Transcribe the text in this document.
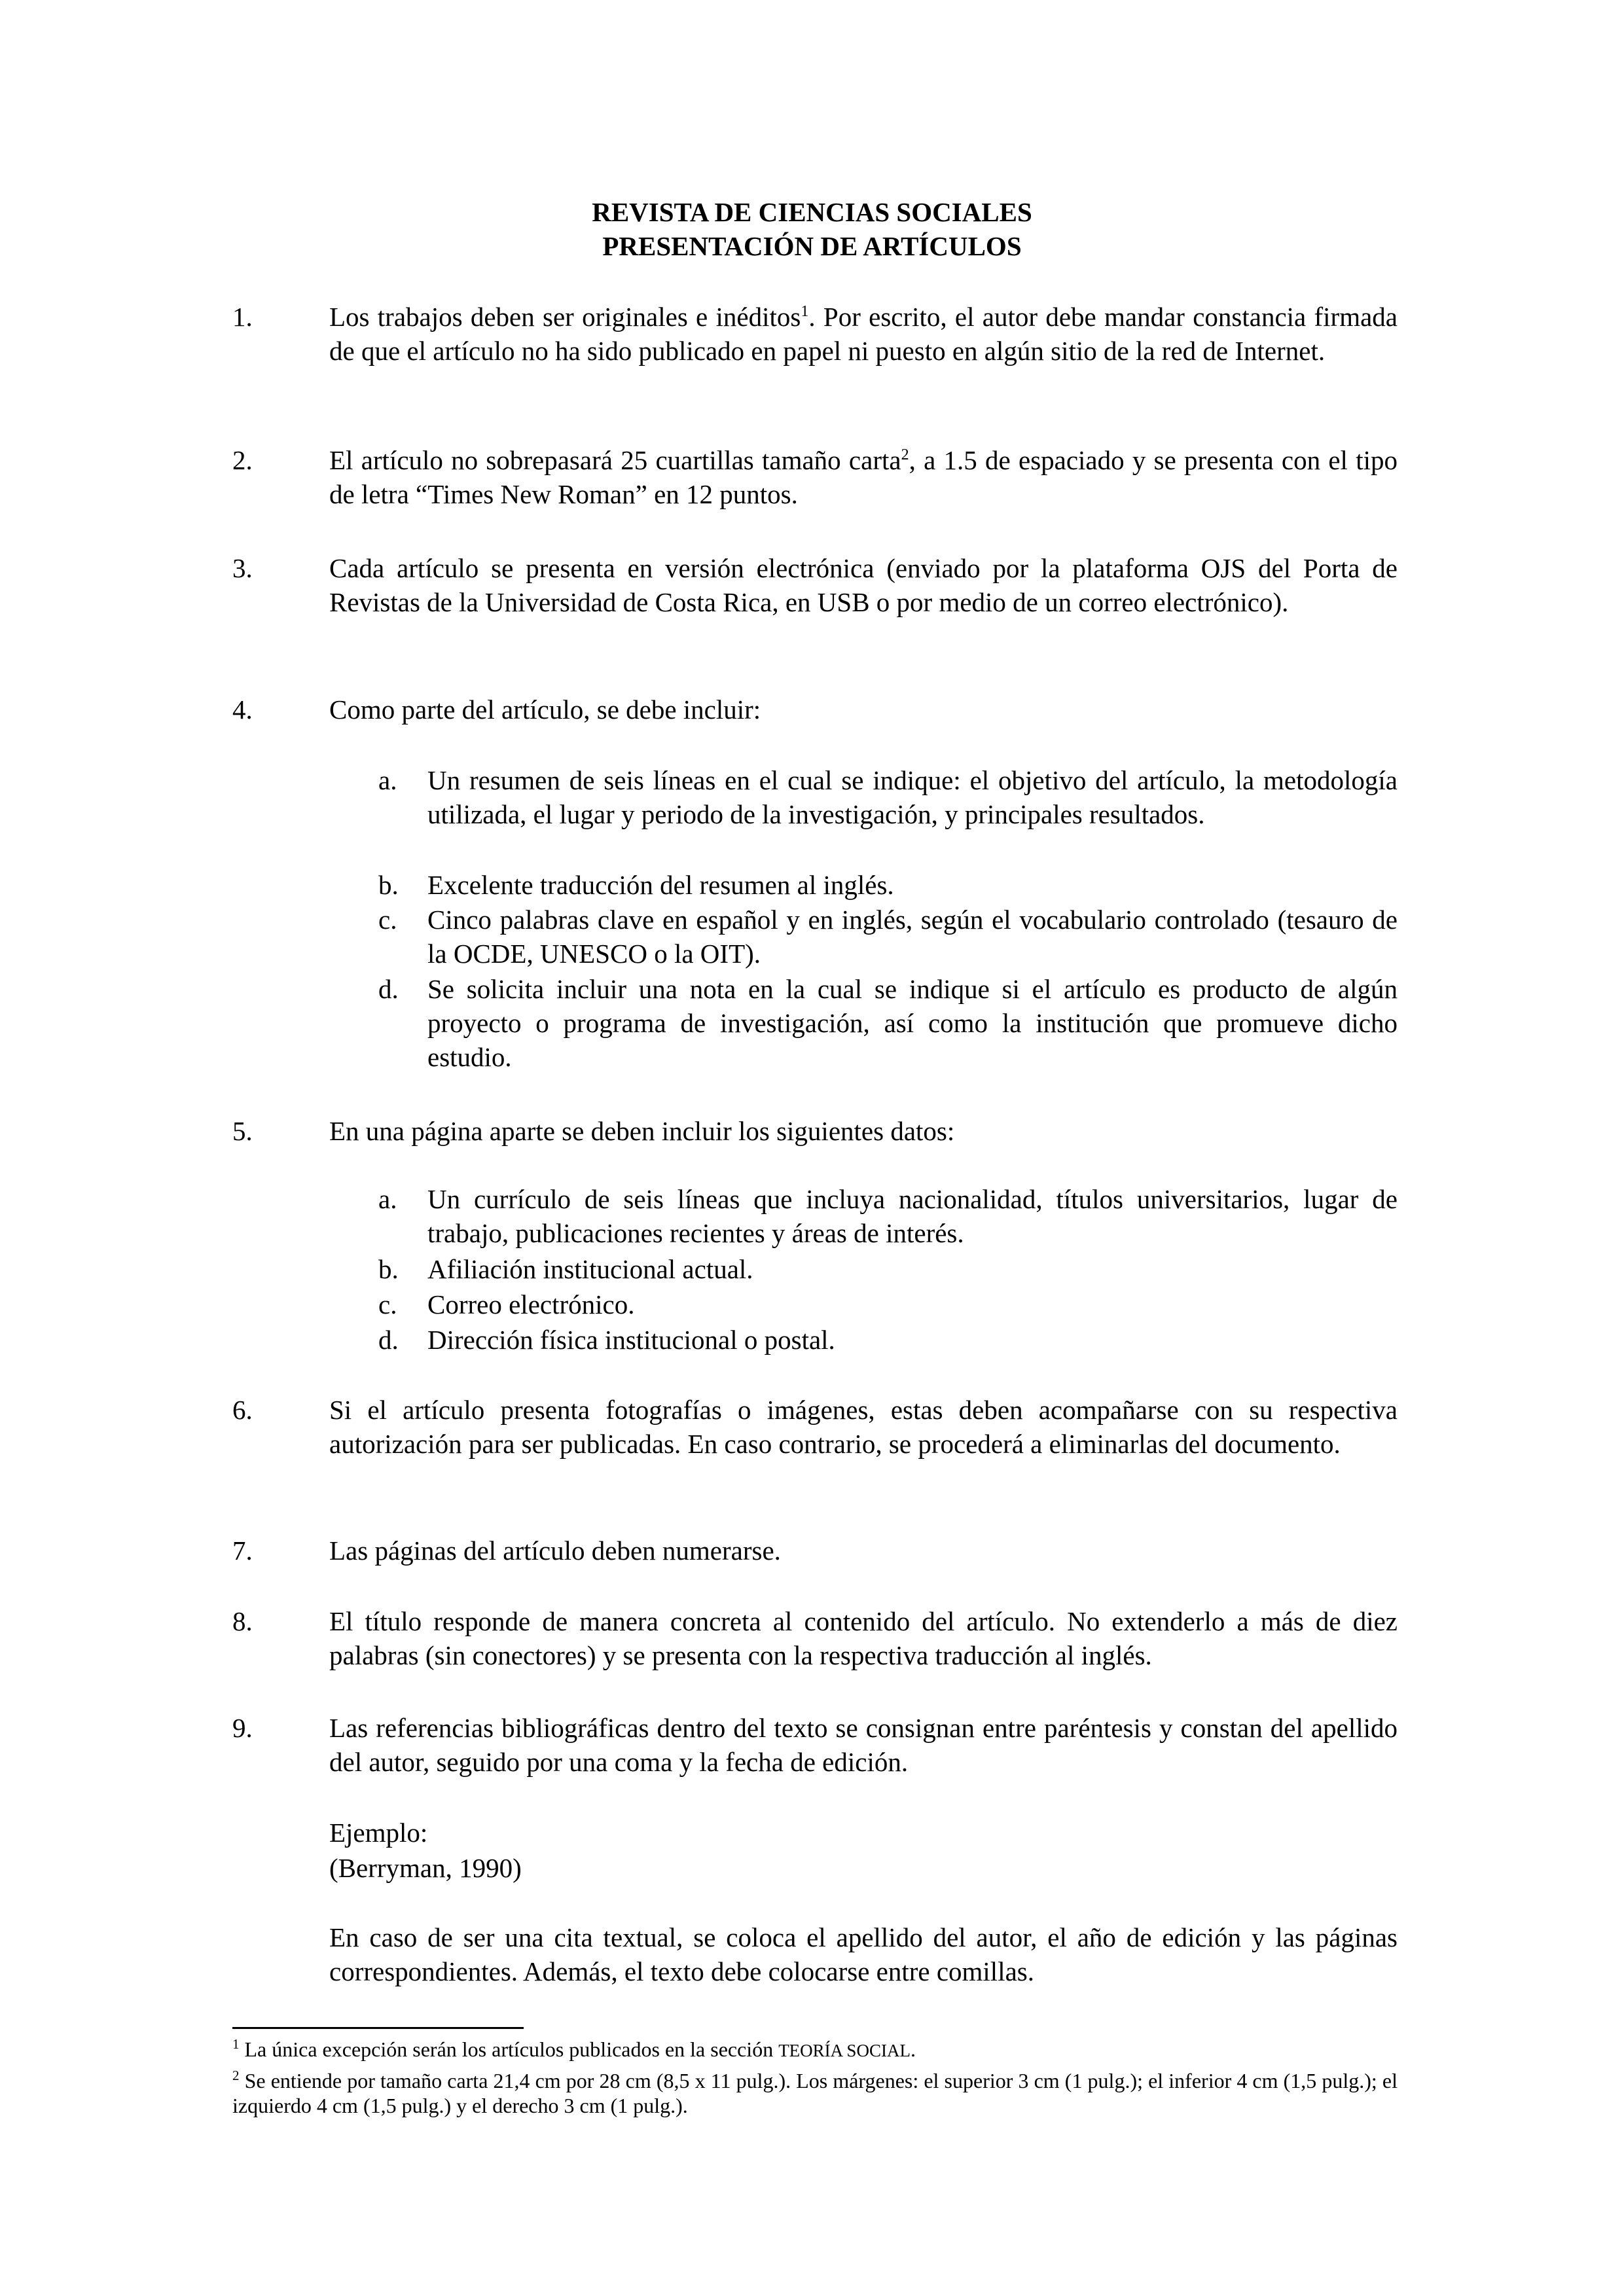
REVISTA DE CIENCIAS SOCIALES
PRESENTACIÓN DE ARTÍCULOS
1.	Los trabajos deben ser originales e inéditos$^1$. Por escrito, el autor debe mandar constancia firmada de que el artículo no ha sido publicado en papel ni puesto en algún sitio de la red de Internet.
2.	El artículo no sobrepasará 25 cuartillas tamaño carta$^2$, a 1.5 de espaciado y se presenta con el tipo de letra “Times New Roman” en 12 puntos.
3.	Cada artículo se presenta en versión electrónica (enviado por la plataforma OJS del Porta de Revistas de la Universidad de Costa Rica, en USB o por medio de un correo electrónico).
4.	Como parte del artículo, se debe incluir:
a. Un resumen de seis líneas en el cual se indique: el objetivo del artículo, la metodología utilizada, el lugar y periodo de la investigación, y principales resultados.
b. Excelente traducción del resumen al inglés.
c. Cinco palabras clave en español y en inglés, según el vocabulario controlado (tesauro de la OCDE, UNESCO o la OIT).
d. Se solicita incluir una nota en la cual se indique si el artículo es producto de algún proyecto o programa de investigación, así como la institución que promueve dicho estudio.
5.	En una página aparte se deben incluir los siguientes datos:
a. Un currículo de seis líneas que incluya nacionalidad, títulos universitarios, lugar de trabajo, publicaciones recientes y áreas de interés.
b. Afiliación institucional actual.
c. Correo electrónico.
d. Dirección física institucional o postal.
6.	Si el artículo presenta fotografías o imágenes, estas deben acompañarse con su respectiva autorización para ser publicadas. En caso contrario, se procederá a eliminarlas del documento.
7.	Las páginas del artículo deben numerarse.
8.	El título responde de manera concreta al contenido del artículo. No extenderlo a más de diez palabras (sin conectores) y se presenta con la respectiva traducción al inglés.
9.	Las referencias bibliográficas dentro del texto se consignan entre paréntesis y constan del apellido del autor, seguido por una coma y la fecha de edición.
Ejemplo:
(Berryman, 1990)
En caso de ser una cita textual, se coloca el apellido del autor, el año de edición y las páginas correspondientes. Además, el texto debe colocarse entre comillas.
$^1$ La única excepción serán los artículos publicados en la sección TEORÍA SOCIAL.
$^2$ Se entiende por tamaño carta 21,4 cm por 28 cm (8,5 x 11 pulg.). Los márgenes: el superior 3 cm (1 pulg.); el inferior 4 cm (1,5 pulg.); el izquierdo 4 cm (1,5 pulg.) y el derecho 3 cm (1 pulg.).
